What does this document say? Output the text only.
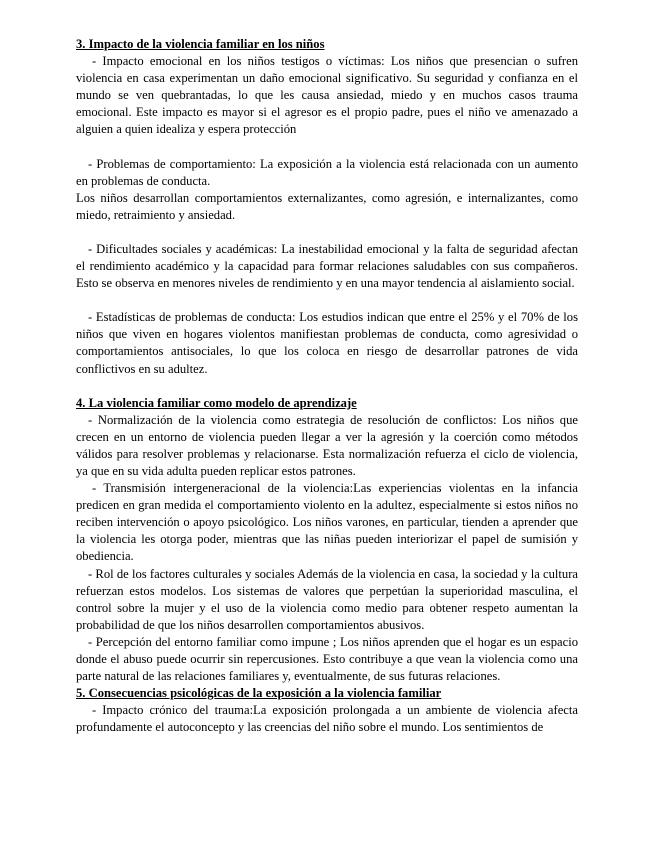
3. Impacto de la violencia familiar en los niños

- Impacto emocional en los niños testigos o víctimas: Los niños que presencian o sufren violencia en casa experimentan un daño emocional significativo. Su seguridad y confianza en el mundo se ven quebrantadas, lo que les causa ansiedad, miedo y en muchos casos trauma emocional. Este impacto es mayor si el agresor es el propio padre, pues el niño ve amenazado a alguien a quien idealiza y espera protección

- Problemas de comportamiento: La exposición a la violencia está relacionada con un aumento en problemas de conducta.

Los niños desarrollan comportamientos externalizantes, como agresión, e internalizantes, como miedo, retraimiento y ansiedad.

- Dificultades sociales y académicas: La inestabilidad emocional y la falta de seguridad afectan el rendimiento académico y la capacidad para formar relaciones saludables con sus compañeros. Esto se observa en menores niveles de rendimiento y en una mayor tendencia al aislamiento social.

- Estadísticas de problemas de conducta: Los estudios indican que entre el 25% y el 70% de los niños que viven en hogares violentos manifiestan problemas de conducta, como agresividad o comportamientos antisociales, lo que los coloca en riesgo de desarrollar patrones de vida conflictivos en su adultez.

4. La violencia familiar como modelo de aprendizaje

- Normalización de la violencia como estrategia de resolución de conflictos: Los niños que crecen en un entorno de violencia pueden llegar a ver la agresión y la coerción como métodos válidos para resolver problemas y relacionarse. Esta normalización refuerza el ciclo de violencia, ya que en su vida adulta pueden replicar estos patrones.

- Transmisión intergeneracional de la violencia:Las experiencias violentas en la infancia predicen en gran medida el comportamiento violento en la adultez, especialmente si estos niños no reciben intervención o apoyo psicológico. Los niños varones, en particular, tienden a aprender que la violencia les otorga poder, mientras que las niñas pueden interiorizar el papel de sumisión y obediencia.

- Rol de los factores culturales y sociales Además de la violencia en casa, la sociedad y la cultura refuerzan estos modelos. Los sistemas de valores que perpetúan la superioridad masculina, el control sobre la mujer y el uso de la violencia como medio para obtener respeto aumentan la probabilidad de que los niños desarrollen comportamientos abusivos.

- Percepción del entorno familiar como impune ; Los niños aprenden que el hogar es un espacio donde el abuso puede ocurrir sin repercusiones. Esto contribuye a que vean la violencia como una parte natural de las relaciones familiares y, eventualmente, de sus futuras relaciones.

5. Consecuencias psicológicas de la exposición a la violencia familiar

- Impacto crónico del trauma:La exposición prolongada a un ambiente de violencia afecta profundamente el autoconcepto y las creencias del niño sobre el mundo. Los sentimientos de
